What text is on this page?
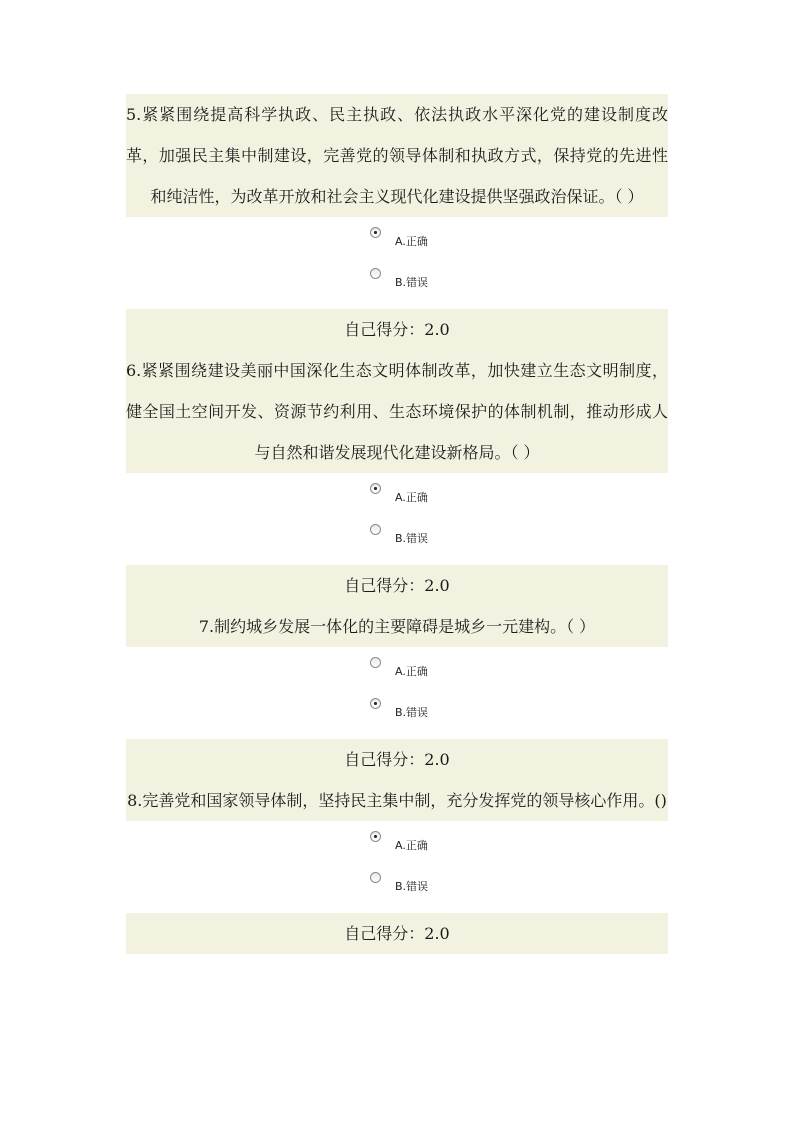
5.紧紧围绕提高科学执政、民主执政、依法执政水平深化党的建设制度改革，加强民主集中制建设，完善党的领导体制和执政方式，保持党的先进性和纯洁性，为改革开放和社会主义现代化建设提供坚强政治保证。（ ）
A.正确
B.错误
自己得分：2.0
6.紧紧围绕建设美丽中国深化生态文明体制改革，加快建立生态文明制度，健全国土空间开发、资源节约利用、生态环境保护的体制机制，推动形成人与自然和谐发展现代化建设新格局。（ ）
A.正确
B.错误
自己得分：2.0
7.制约城乡发展一体化的主要障碍是城乡一元建构。（ ）
A.正确
B.错误
自己得分：2.0
8.完善党和国家领导体制，坚持民主集中制，充分发挥党的领导核心作用。()
A.正确
B.错误
自己得分：2.0
